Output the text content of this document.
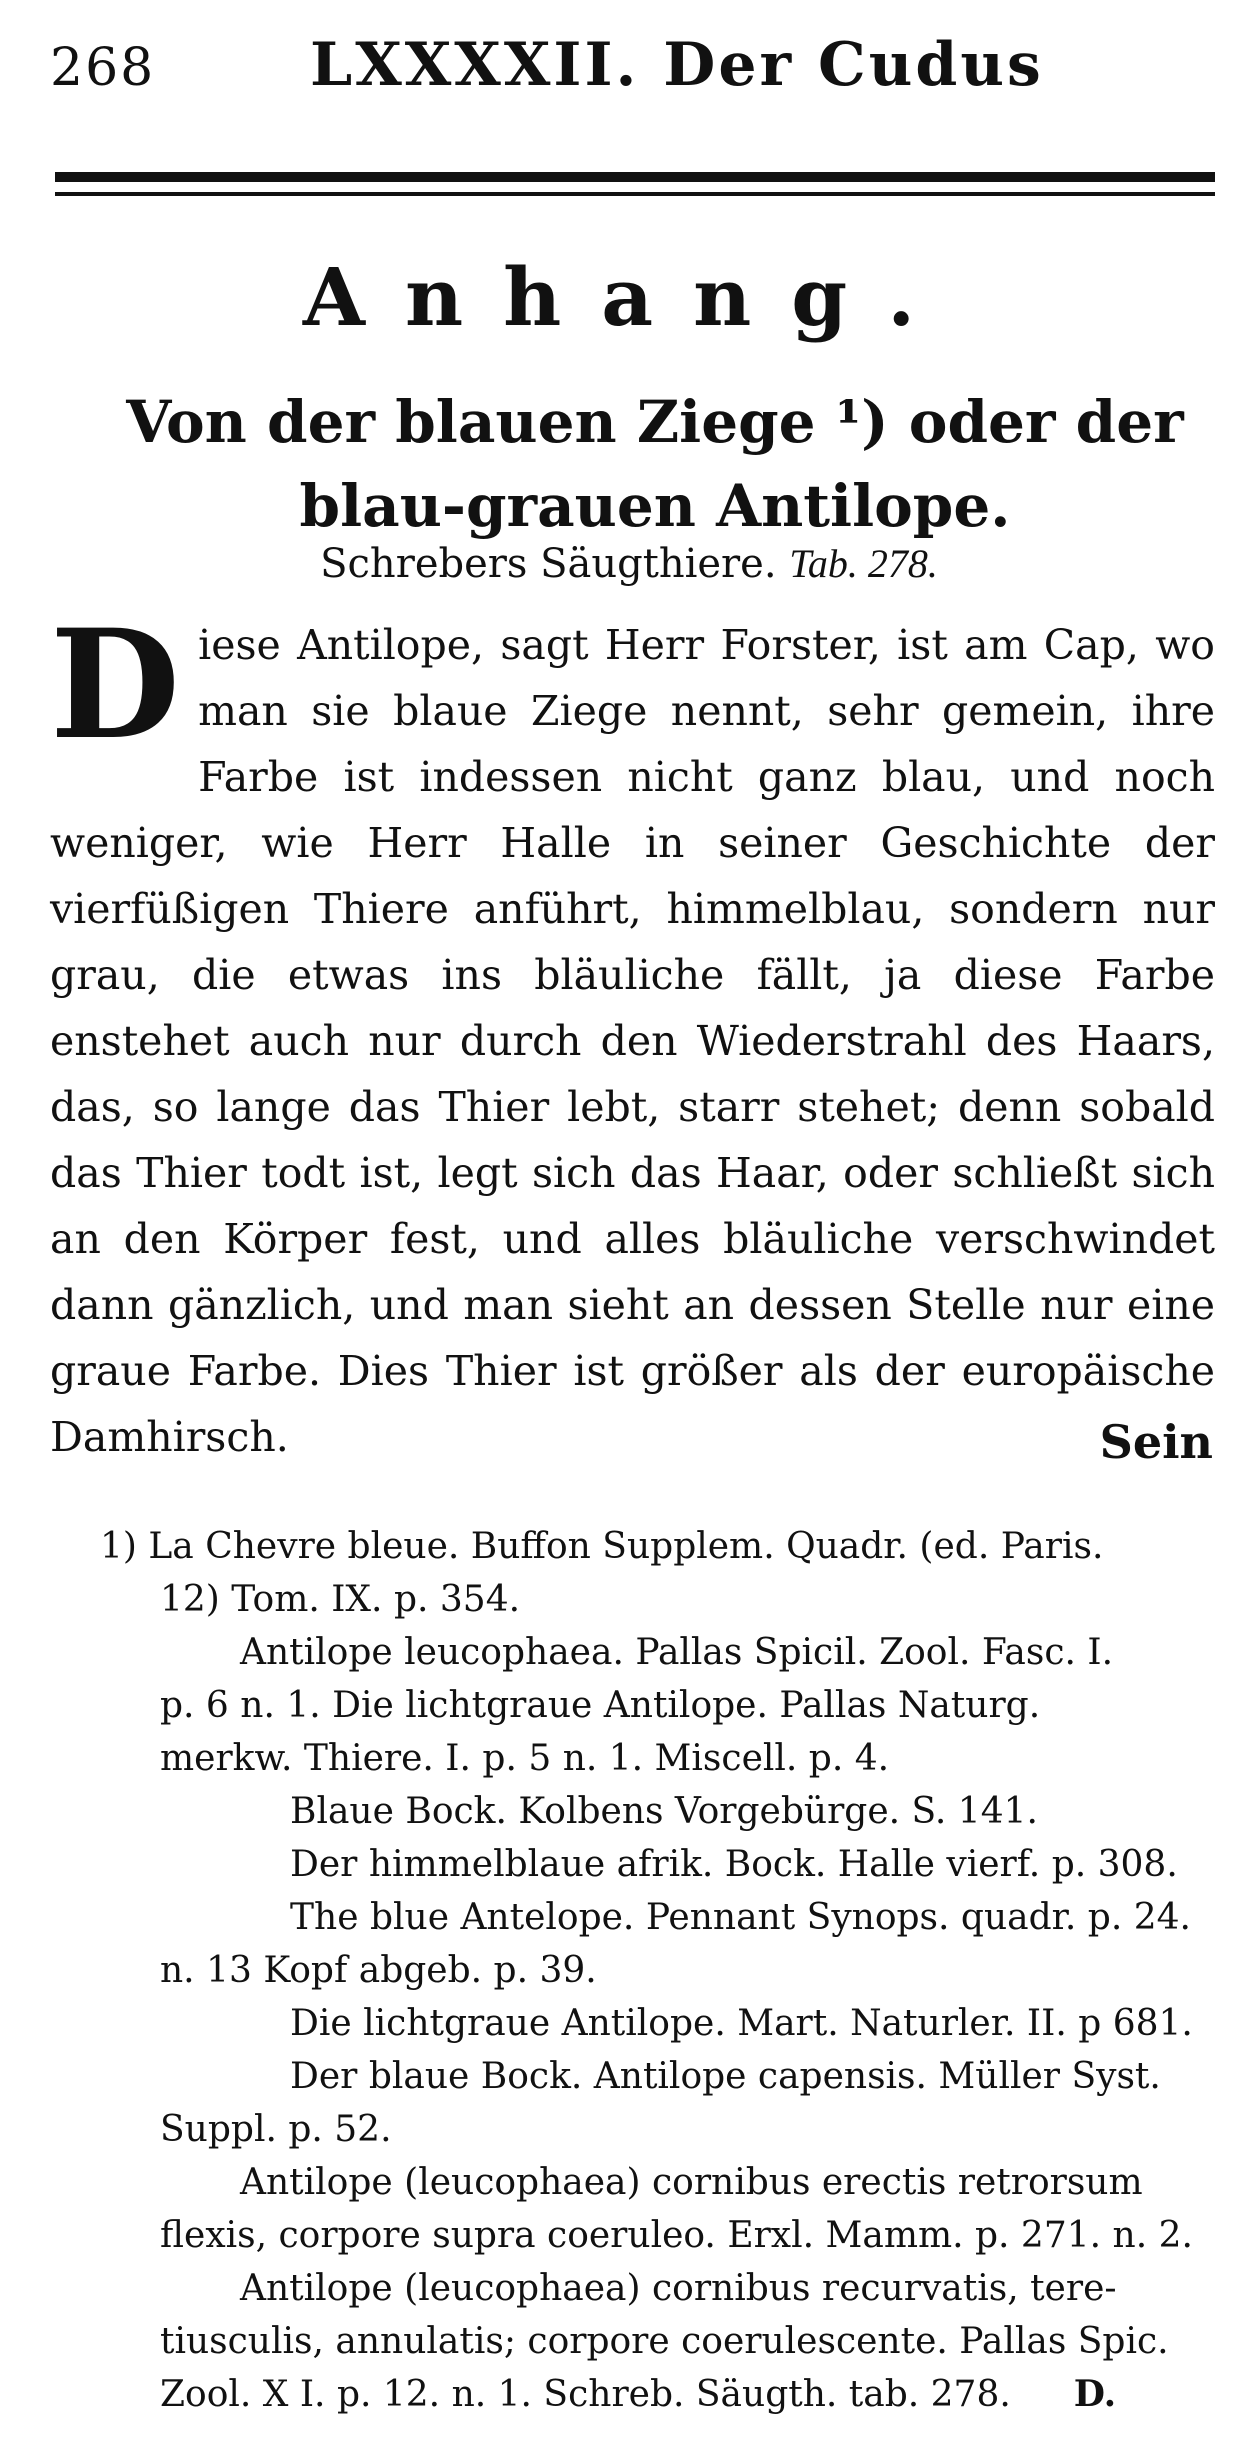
268	LXXXXII. Der Cudus
Anhang.
Von der blauen Ziege ¹) oder der blau-grauen Antilope.
Schrebers Säugthiere. Tab. 278.
Diese Antilope, sagt Herr Forster, ist am Cap, wo man sie blaue Ziege nennt, sehr gemein, ihre Farbe ist indessen nicht ganz blau, und noch weniger, wie Herr Halle in seiner Geschichte der vierfüßigen Thiere anführt, himmelblau, sondern nur grau, die etwas ins bläuliche fällt, ja diese Farbe enstehet auch nur durch den Wiederstrahl des Haars, das, so lange das Thier lebt, starr stehet; denn sobald das Thier todt ist, legt sich das Haar, oder schließt sich an den Körper fest, und alles bläuliche verschwindet dann gänzlich, und man sieht an dessen Stelle nur eine graue Farbe. Dies Thier ist größer als der europäische Damhirsch.	Sein
1) La Chevre bleue. Buffon Supplem. Quadr. (ed. Paris.
12) Tom. IX. p. 354.
Antilope leucophaea. Pallas Spicil. Zool. Fasc. I.
p. 6 n. 1. Die lichtgraue Antilope. Pallas Naturg.
merkw. Thiere. I. p. 5 n. 1. Miscell. p. 4.
Blaue Bock. Kolbens Vorgebürge. S. 141.
Der himmelblaue afrik. Bock. Halle vierf. p. 308.
The blue Antelope. Pennant Synops. quadr. p. 24.
n. 13 Kopf abgeb. p. 39.
Die lichtgraue Antilope. Mart. Naturler. II. p 681.
Der blaue Bock. Antilope capensis. Müller Syst.
Suppl. p. 52.
Antilope (leucophaea) cornibus erectis retrorsum
flexis, corpore supra coeruleo. Erxl. Mamm. p. 271. n. 2.
Antilope (leucophaea) cornibus recurvatis, tere-
tiusculis, annulatis; corpore coerulescente. Pallas Spic.
Zool. X I. p. 12. n. 1. Schreb. Säugth. tab. 278. D.
